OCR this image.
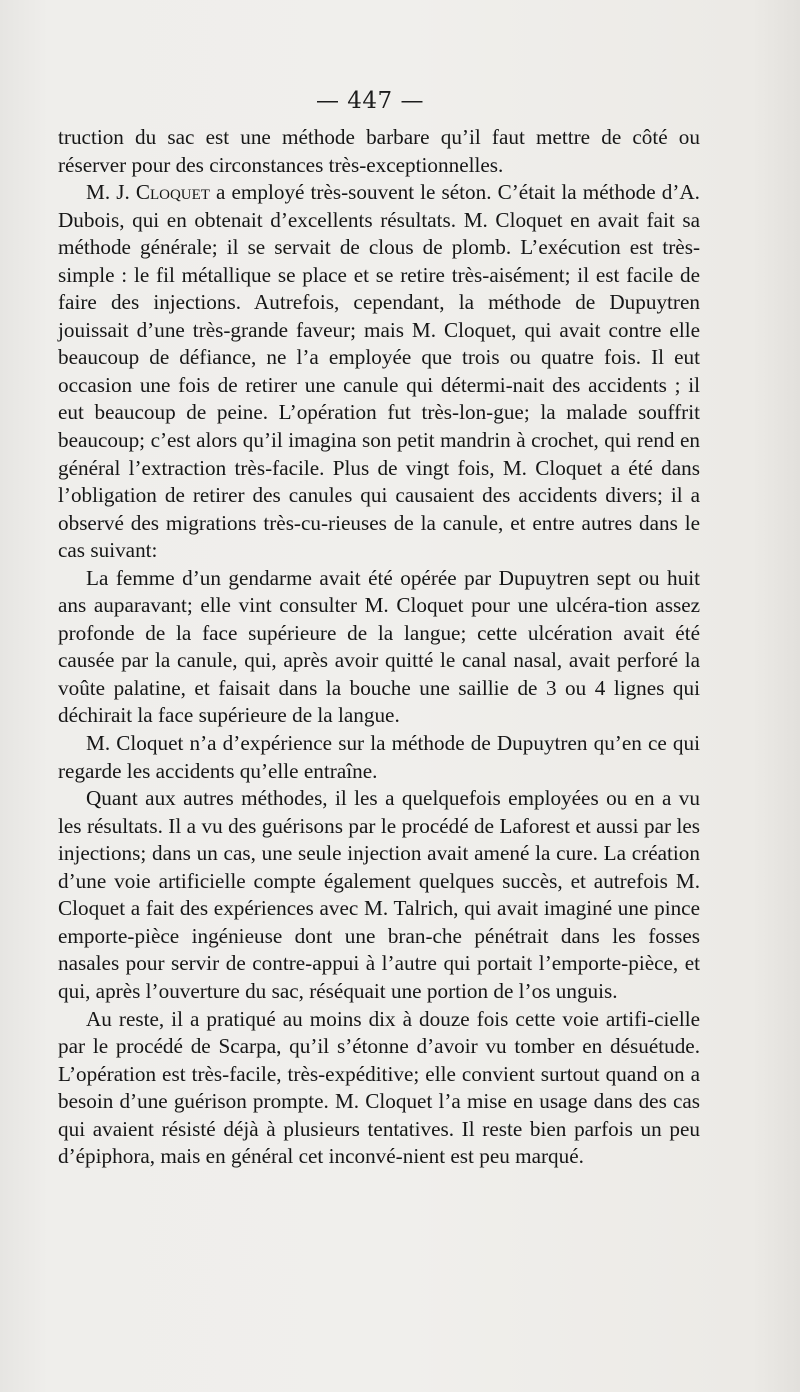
— 447 —

truction du sac est une méthode barbare qu’il faut mettre de côté ou réserver pour des circonstances très-exceptionnelles.

M. J. Cloquet a employé très-souvent le séton. C’était la méthode d’A. Dubois, qui en obtenait d’excellents résultats. M. Cloquet en avait fait sa méthode générale; il se servait de clous de plomb. L’exécution est très-simple : le fil métallique se place et se retire très-aisément; il est facile de faire des injections. Autrefois, cependant, la méthode de Dupuytren jouissait d’une très-grande faveur; mais M. Cloquet, qui avait contre elle beaucoup de défiance, ne l’a employée que trois ou quatre fois. Il eut occasion une fois de retirer une canule qui détermi-nait des accidents ; il eut beaucoup de peine. L’opération fut très-lon-gue; la malade souffrit beaucoup; c’est alors qu’il imagina son petit mandrin à crochet, qui rend en général l’extraction très-facile. Plus de vingt fois, M. Cloquet a été dans l’obligation de retirer des canules qui causaient des accidents divers; il a observé des migrations très-cu-rieuses de la canule, et entre autres dans le cas suivant:

La femme d’un gendarme avait été opérée par Dupuytren sept ou huit ans auparavant; elle vint consulter M. Cloquet pour une ulcéra-tion assez profonde de la face supérieure de la langue; cette ulcération avait été causée par la canule, qui, après avoir quitté le canal nasal, avait perforé la voûte palatine, et faisait dans la bouche une saillie de 3 ou 4 lignes qui déchirait la face supérieure de la langue.

M. Cloquet n’a d’expérience sur la méthode de Dupuytren qu’en ce qui regarde les accidents qu’elle entraîne.

Quant aux autres méthodes, il les a quelquefois employées ou en a vu les résultats. Il a vu des guérisons par le procédé de Laforest et aussi par les injections; dans un cas, une seule injection avait amené la cure. La création d’une voie artificielle compte également quelques succès, et autrefois M. Cloquet a fait des expériences avec M. Talrich, qui avait imaginé une pince emporte-pièce ingénieuse dont une bran-che pénétrait dans les fosses nasales pour servir de contre-appui à l’autre qui portait l’emporte-pièce, et qui, après l’ouverture du sac, réséquait une portion de l’os unguis.

Au reste, il a pratiqué au moins dix à douze fois cette voie artifi-cielle par le procédé de Scarpa, qu’il s’étonne d’avoir vu tomber en désuétude. L’opération est très-facile, très-expéditive; elle convient surtout quand on a besoin d’une guérison prompte. M. Cloquet l’a mise en usage dans des cas qui avaient résisté déjà à plusieurs tentatives. Il reste bien parfois un peu d’épiphora, mais en général cet inconvé-nient est peu marqué.
